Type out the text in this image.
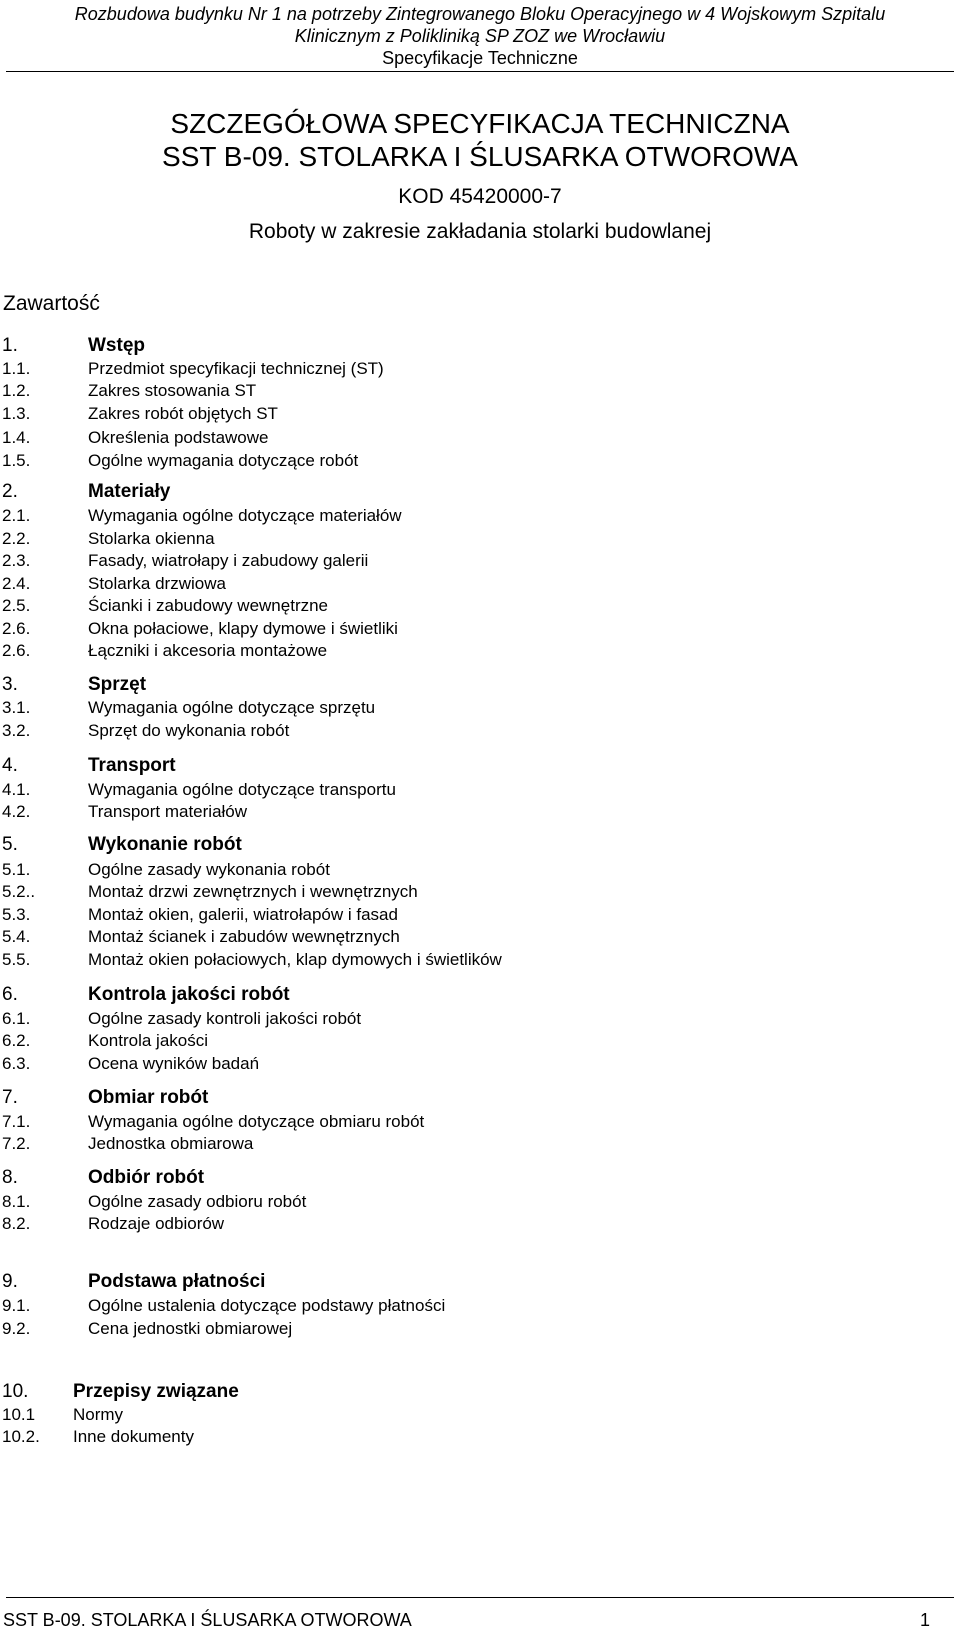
Rozbudowa budynku Nr 1 na potrzeby Zintegrowanego Bloku Operacyjnego w 4 Wojskowym Szpitalu
Klinicznym z Polikliniką SP ZOZ we Wrocławiu
Specyfikacje Techniczne
SZCZEGÓŁOWA SPECYFIKACJA TECHNICZNA
SST B-09. STOLARKA I ŚLUSARKA OTWOROWA
KOD 45420000-7
Roboty w zakresie zakładania stolarki budowlanej
Zawartość
1.	Wstęp
1.1.	Przedmiot specyfikacji technicznej (ST)
1.2.	Zakres stosowania ST
1.3.	Zakres robót objętych ST
1.4.	Określenia podstawowe
1.5.	Ogólne wymagania dotyczące robót
2.	Materiały
2.1.	Wymagania ogólne dotyczące materiałów
2.2.	Stolarka okienna
2.3.	Fasady, wiatrołapy i zabudowy galerii
2.4.	Stolarka drzwiowa
2.5.	Ścianki i zabudowy wewnętrzne
2.6.	Okna połaciowe, klapy dymowe i świetliki
2.6.	Łączniki i akcesoria montażowe
3.	Sprzęt
3.1.	Wymagania ogólne dotyczące sprzętu
3.2.	Sprzęt do wykonania robót
4.	Transport
4.1.	Wymagania ogólne dotyczące transportu
4.2.	Transport materiałów
5.	Wykonanie robót
5.1.	Ogólne zasady wykonania robót
5.2..	Montaż drzwi zewnętrznych i wewnętrznych
5.3.	Montaż okien, galerii, wiatrołapów i fasad
5.4.	Montaż ścianek i zabudów wewnętrznych
5.5.	Montaż okien połaciowych, klap dymowych i świetlików
6.	Kontrola jakości robót
6.1.	Ogólne zasady kontroli jakości robót
6.2.	Kontrola jakości
6.3.	Ocena wyników badań
7.	Obmiar robót
7.1.	Wymagania ogólne dotyczące obmiaru robót
7.2.	Jednostka obmiarowa
8.	Odbiór robót
8.1.	Ogólne zasady odbioru robót
8.2.	Rodzaje odbiorów
9.	Podstawa płatności
9.1.	Ogólne ustalenia dotyczące podstawy płatności
9.2.	Cena jednostki obmiarowej
10. Przepisy związane
10.1 Normy
10.2. Inne dokumenty
SST B-09. STOLARKA I ŚLUSARKA OTWOROWA	1
